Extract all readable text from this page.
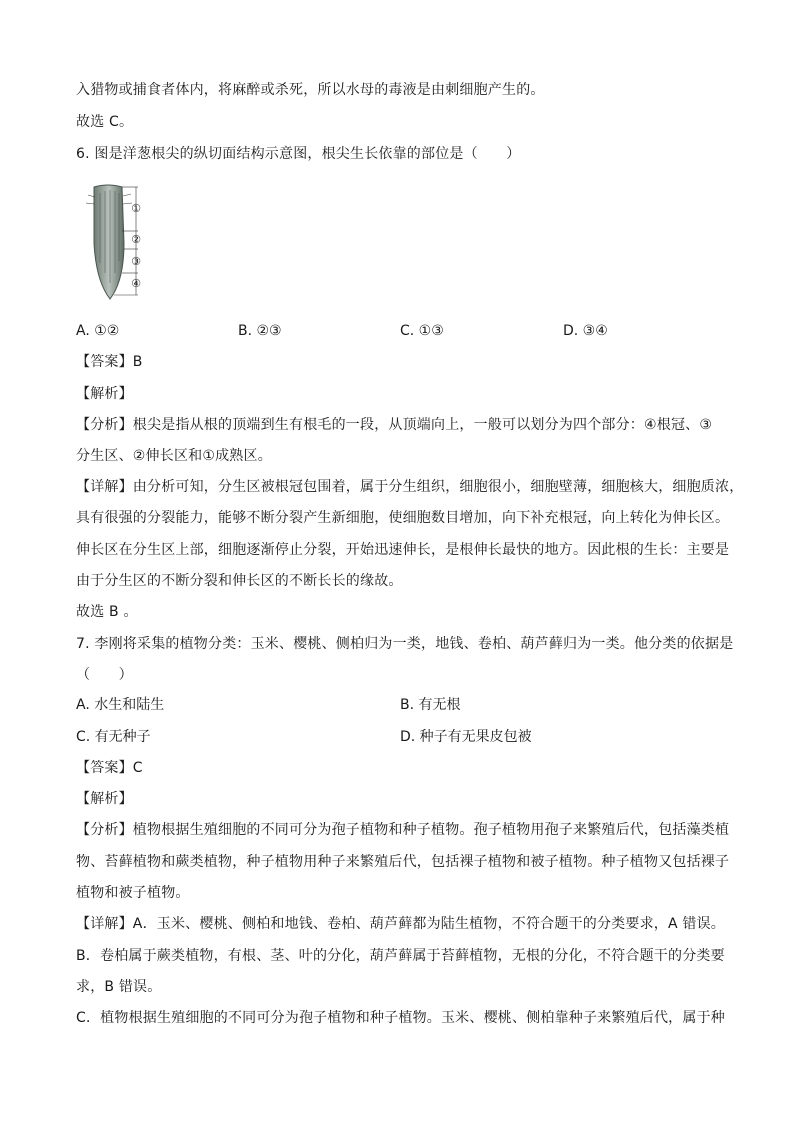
入猎物或捕食者体内，将麻醉或杀死，所以水母的毒液是由刺细胞产生的。
故选 C。
6. 图是洋葱根尖的纵切面结构示意图，根尖生长依靠的部位是（　　）
①
②
③
④
A. ①②	B. ②③	C. ①③	D. ③④
【答案】B
【解析】
【分析】根尖是指从根的顶端到生有根毛的一段，从顶端向上，一般可以划分为四个部分：④根冠、③
分生区、②伸长区和①成熟区。
【详解】由分析可知，分生区被根冠包围着，属于分生组织，细胞很小，细胞壁薄，细胞核大，细胞质浓，
具有很强的分裂能力，能够不断分裂产生新细胞，使细胞数目增加，向下补充根冠，向上转化为伸长区。
伸长区在分生区上部，细胞逐渐停止分裂，开始迅速伸长，是根伸长最快的地方。因此根的生长：主要是
由于分生区的不断分裂和伸长区的不断长长的缘故。
故选 B 。
7. 李刚将采集的植物分类：玉米、樱桃、侧柏归为一类，地钱、卷柏、葫芦藓归为一类。他分类的依据是
（　　）
A. 水生和陆生	B. 有无根
C. 有无种子	D. 种子有无果皮包被
【答案】C
【解析】
【分析】植物根据生殖细胞的不同可分为孢子植物和种子植物。孢子植物用孢子来繁殖后代，包括藻类植
物、苔藓植物和蕨类植物，种子植物用种子来繁殖后代，包括裸子植物和被子植物。种子植物又包括裸子
植物和被子植物。
【详解】A．玉米、樱桃、侧柏和地钱、卷柏、葫芦藓都为陆生植物，不符合题干的分类要求，A 错误。
B．卷柏属于蕨类植物，有根、茎、叶的分化，葫芦藓属于苔藓植物，无根的分化，不符合题干的分类要
求，B 错误。
C．植物根据生殖细胞的不同可分为孢子植物和种子植物。玉米、樱桃、侧柏靠种子来繁殖后代，属于种
